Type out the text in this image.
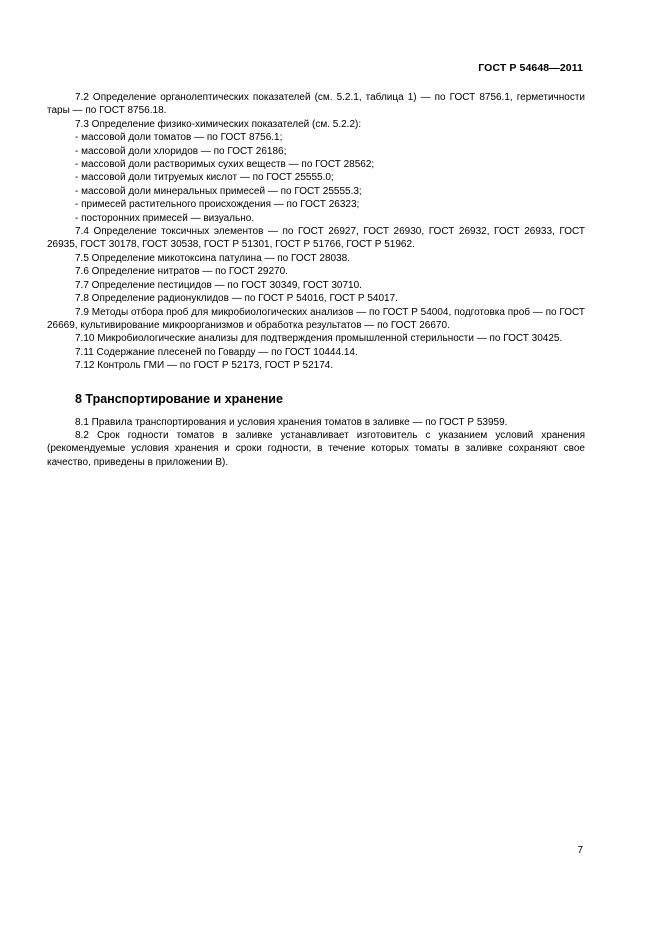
ГОСТ Р 54648—2011

7.2 Определение органолептических показателей (см. 5.2.1, таблица 1) — по ГОСТ 8756.1, герметичности тары — по ГОСТ 8756.18.

7.3 Определение физико-химических показателей (см. 5.2.2):

- массовой доли томатов — по ГОСТ 8756.1;

- массовой доли хлоридов — по ГОСТ 26186;

- массовой доли растворимых сухих веществ — по ГОСТ 28562;

- массовой доли титруемых кислот — по ГОСТ 25555.0;

- массовой доли минеральных примесей — по ГОСТ 25555.3;

- примесей растительного происхождения — по ГОСТ 26323;

- посторонних примесей — визуально.

7.4 Определение токсичных элементов — по ГОСТ 26927, ГОСТ 26930, ГОСТ 26932, ГОСТ 26933, ГОСТ 26935, ГОСТ 30178, ГОСТ 30538, ГОСТ Р 51301, ГОСТ Р 51766, ГОСТ Р 51962.

7.5 Определение микотоксина патулина — по ГОСТ 28038.

7.6 Определение нитратов — по ГОСТ 29270.

7.7 Определение пестицидов — по ГОСТ 30349, ГОСТ 30710.

7.8 Определение радионуклидов — по ГОСТ Р 54016, ГОСТ Р 54017.

7.9 Методы отбора проб для микробиологических анализов — по ГОСТ Р 54004, подготовка проб — по ГОСТ 26669, культивирование микроорганизмов и обработка результатов — по ГОСТ 26670.

7.10 Микробиологические анализы для подтверждения промышленной стерильности — по ГОСТ 30425.

7.11 Содержание плесеней по Говарду — по ГОСТ 10444.14.

7.12 Контроль ГМИ — по ГОСТ Р 52173, ГОСТ Р 52174.

8 Транспортирование и хранение

8.1 Правила транспортирования и условия хранения томатов в заливке — по ГОСТ Р 53959.

8.2 Срок годности томатов в заливке устанавливает изготовитель с указанием условий хранения (рекомендуемые условия хранения и сроки годности, в течение которых томаты в заливке сохраняют свое качество, приведены в приложении В).

7
